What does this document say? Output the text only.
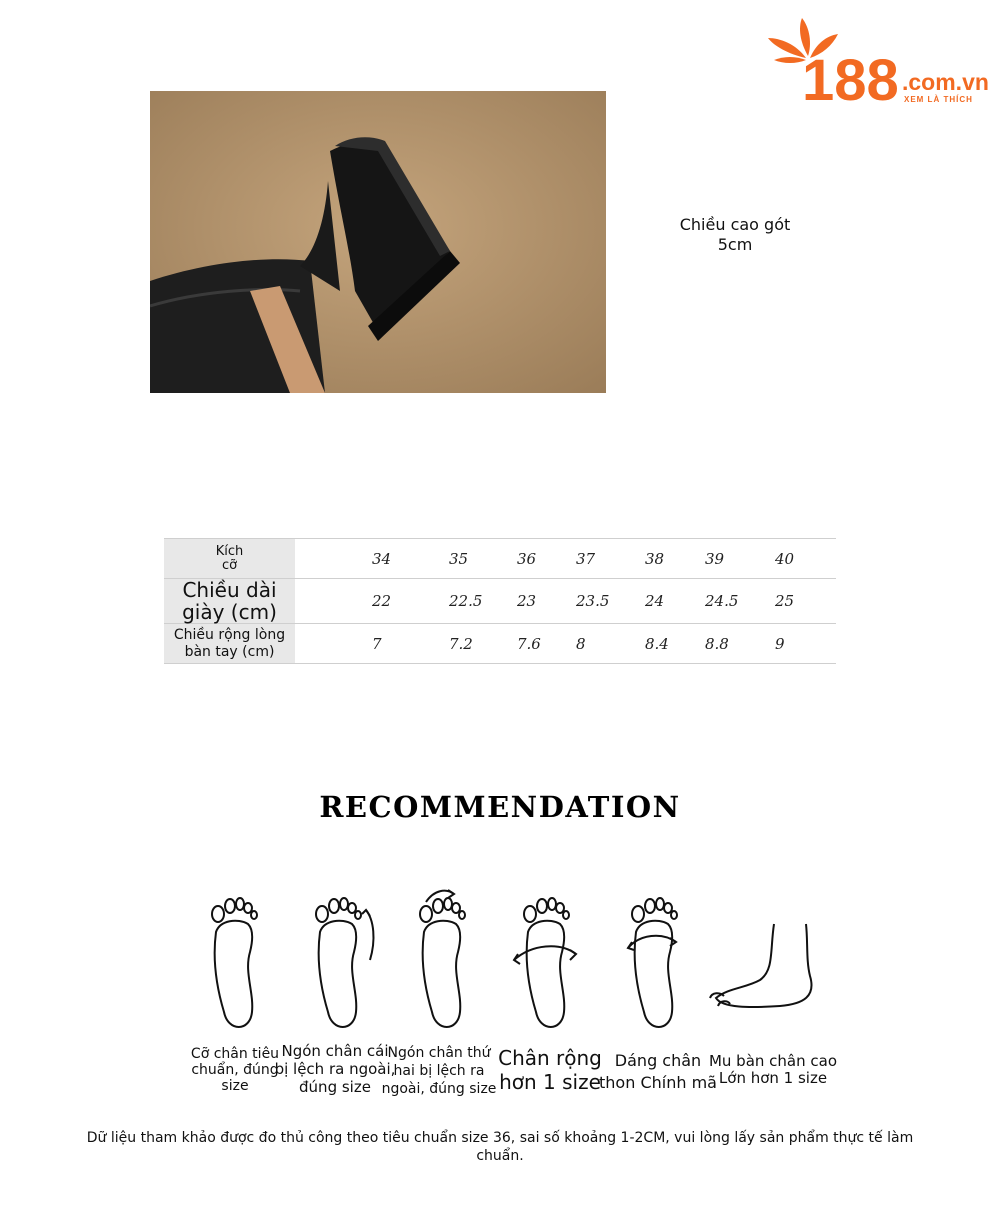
188 .com.vn
XEM LÀ THÍCH
Chiều cao gót
5cm
Kích
cỡ	34	35	36	37	38	39	40

Chiều dài
giày (cm)	22	22.5	23	23.5	24	24.5	25

Chiều rộng lòng
bàn tay (cm)	7	7.2	7.6	8	8.4	8.8	9
RECOMMENDATION
Cỡ chân tiêu
chuẩn, đúng
size
Ngón chân cái
bị lệch ra ngoài,
đúng size
Ngón chân thứ
hai bị lệch ra
ngoài, đúng size
Chân rộng
hơn 1 size
Dáng chân
thon Chính mã
Mu bàn chân cao
Lớn hơn 1 size
Dữ liệu tham khảo được đo thủ công theo tiêu chuẩn size 36, sai số khoảng 1-2CM, vui lòng lấy sản phẩm thực tế làm chuẩn.
